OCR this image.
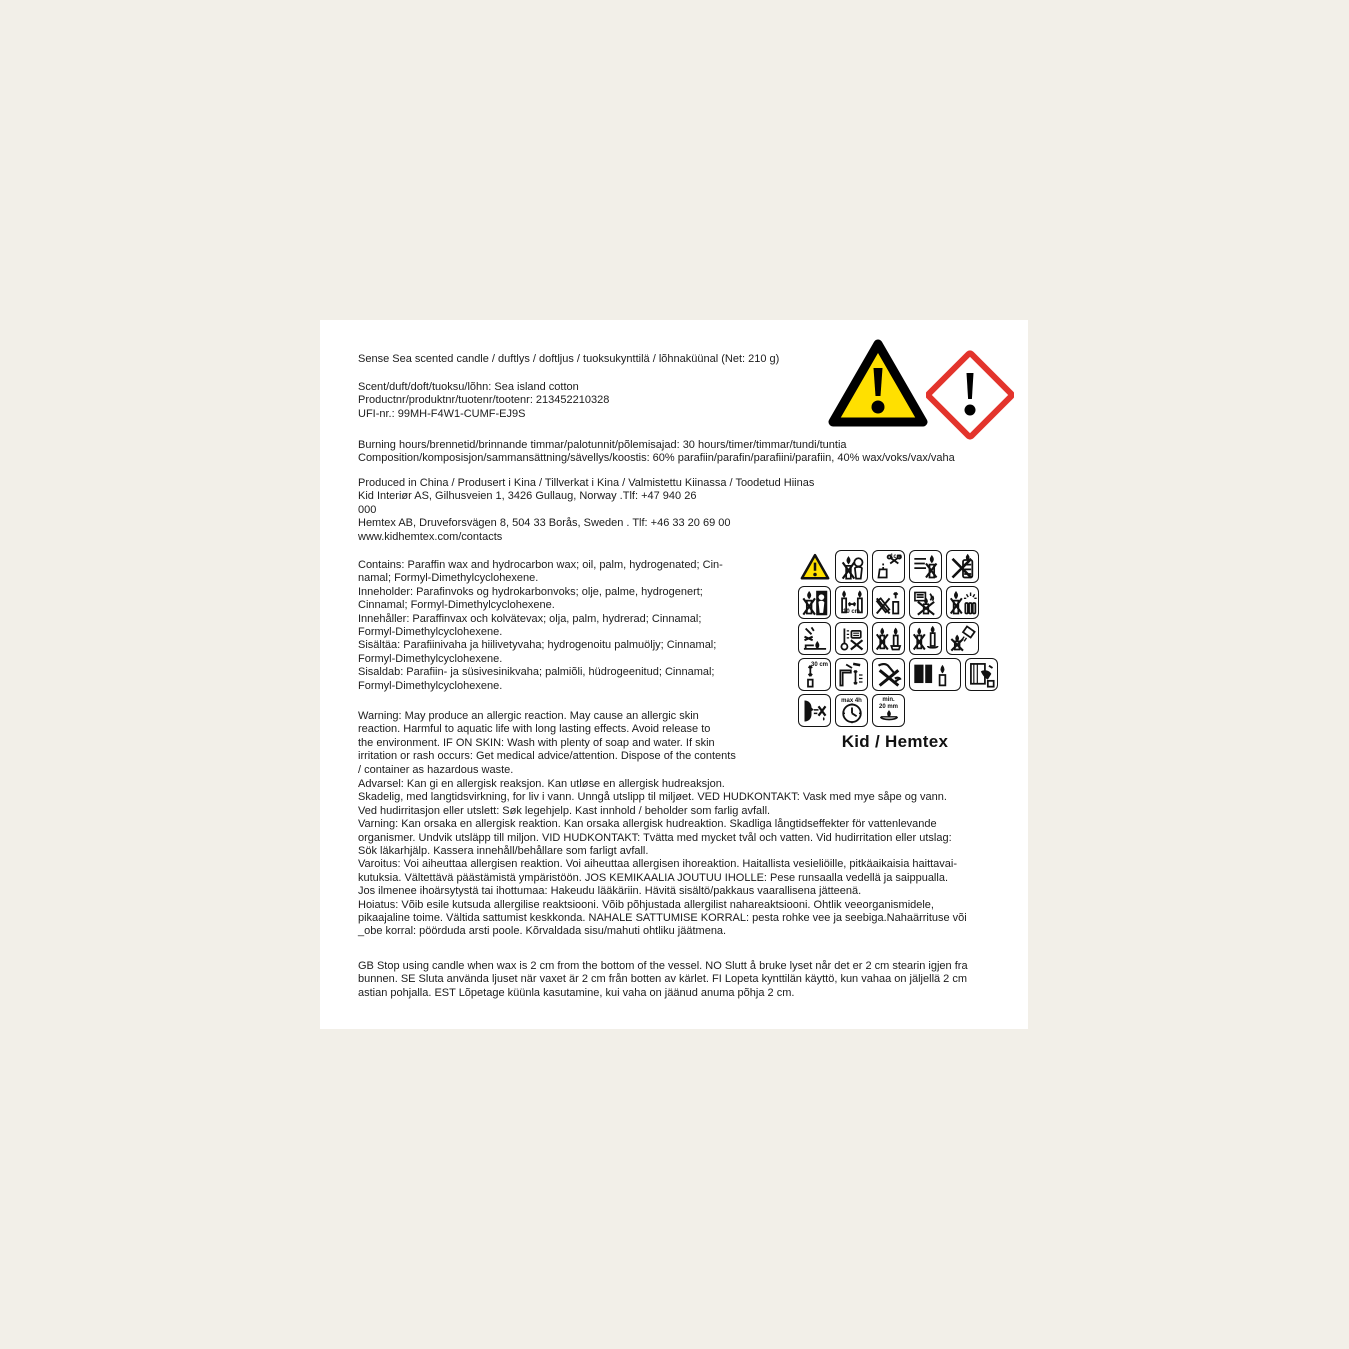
Sense Sea scented candle / duftlys / doftljus / tuoksukynttilä / lõhnaküünal (Net: 210 g)
Scent/duft/doft/tuoksu/lõhn: Sea island cotton
Productnr/produktnr/tuotenr/tootenr: 213452210328
UFI-nr.: 99MH-F4W1-CUMF-EJ9S
Burning hours/brennetid/brinnande timmar/palotunnit/põlemisajad: 30 hours/timer/timmar/tundi/tuntia
Composition/komposisjon/sammansättning/sävellys/koostis: 60% parafiin/parafin/parafiini/parafiin, 40% wax/voks/vax/vaha
Produced in China / Produsert i Kina / Tillverkat i Kina / Valmistettu Kiinassa / Toodetud Hiinas
Kid Interiør AS, Gilhusveien 1, 3426 Gullaug, Norway .Tlf: +47 940 26
000
Hemtex AB, Druveforsvägen 8, 504 33 Borås, Sweden . Tlf: +46 33 20 69 00
www.kidhemtex.com/contacts
Contains: Paraffin wax and hydrocarbon wax; oil, palm, hydrogenated; Cin-
namal; Formyl-Dimethylcyclohexene.
Inneholder: Parafinvoks og hydrokarbonvoks; olje, palme, hydrogenert;
Cinnamal; Formyl-Dimethylcyclohexene.
Innehåller: Paraffinvax och kolvätevax; olja, palm, hydrerad; Cinnamal;
Formyl-Dimethylcyclohexene.
Sisältäa: Parafiinivaha ja hiilivetyvaha; hydrogenoitu palmuöljy; Cinnamal;
Formyl-Dimethylcyclohexene.
Sisaldab: Parafiin- ja süsivesinikvaha; palmiõli, hüdrogeenitud; Cinnamal;
Formyl-Dimethylcyclohexene.
Warning: May produce an allergic reaction. May cause an allergic skin
reaction. Harmful to aquatic life with long lasting effects. Avoid release to
the environment. IF ON SKIN: Wash with plenty of soap and water. If skin
irritation or rash occurs: Get medical advice/attention. Dispose of the contents
/ container as hazardous waste.
Advarsel: Kan gi en allergisk reaksjon. Kan utløse en allergisk hudreaksjon.
Skadelig, med langtidsvirkning, for liv i vann. Unngå utslipp til miljøet. VED HUDKONTAKT: Vask med mye såpe og vann.
Ved hudirritasjon eller utslett: Søk legehjelp. Kast innhold / beholder som farlig avfall.
Varning: Kan orsaka en allergisk reaktion. Kan orsaka allergisk hudreaktion. Skadliga långtidseffekter för vattenlevande
organismer. Undvik utsläpp till miljon. VID HUDKONTAKT: Tvätta med mycket tvål och vatten. Vid hudirritation eller utslag:
Sök läkarhjälp. Kassera innehåll/behållare som farligt avfall.
Varoitus: Voi aiheuttaa allergisen reaktion. Voi aiheuttaa allergisen ihoreaktion. Haitallista vesieliöille, pitkäaikaisia haittavai-
kutuksia. Vältettävä päästämistä ympäristöön. JOS KEMIKAALIA JOUTUU IHOLLE: Pese runsaalla vedellä ja saippualla.
Jos ilmenee ihoärsytystä tai ihottumaa: Hakeudu lääkäriin. Hävitä sisältö/pakkaus vaarallisena jätteenä.
Hoiatus: Võib esile kutsuda allergilise reaktsiooni. Võib põhjustada allergilist nahareaktsiooni. Ohtlik veeorganismidele,
pikaajaline toime. Vältida sattumist keskkonda. NAHALE SATTUMISE KORRAL: pesta rohke vee ja seebiga.Nahaärrituse või
_obe korral: pöörduda arsti poole. Kõrvaldada sisu/mahuti ohtliku jäätmena.
GB Stop using candle when wax is 2 cm from the bottom of the vessel. NO Slutt å bruke lyset når det er 2 cm stearin igjen fra
bunnen. SE Sluta använda ljuset när vaxet är 2 cm från botten av kärlet. FI Lopeta kynttilän käyttö, kun vahaa on jäljellä 2 cm
astian pohjalla. EST Lõpetage küünla kasutamine, kui vaha on jäänud anuma põhja 2 cm.
1cm
10 cm
30 cm
max 4h	min.
20 mm
Kid / Hemtex
